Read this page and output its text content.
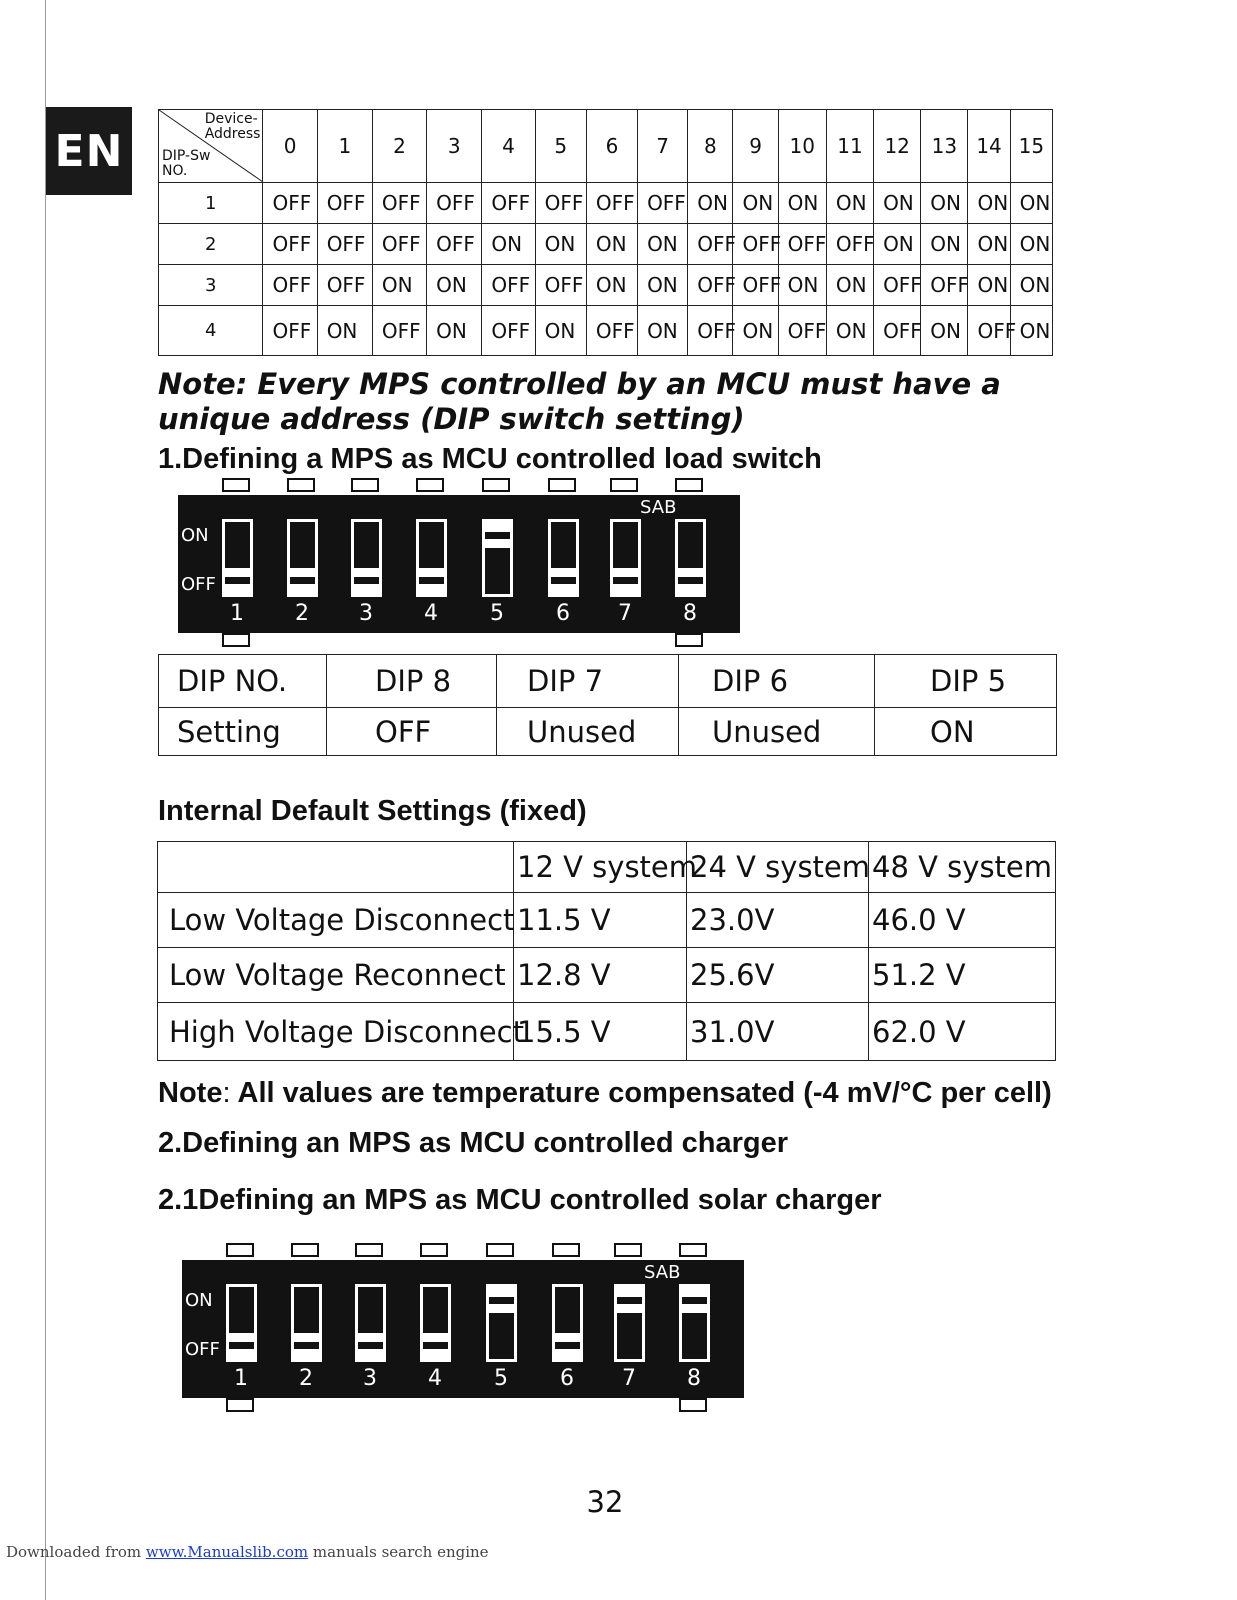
EN
Device-
Address
DIP-Sw
NO.	0	1	2	3	4	5	6	7	8	9	10	11	12	13	14	15
1	OFF	OFF	OFF	OFF	OFF	OFF	OFF	OFF	ON	ON	ON	ON	ON	ON	ON	ON
2	OFF	OFF	OFF	OFF	ON	ON	ON	ON	OFF	OFF	OFF	OFF	ON	ON	ON	ON
3	OFF	OFF	ON	ON	OFF	OFF	ON	ON	OFF	OFF	ON	ON	OFF	OFF	ON	ON
4	OFF	ON	OFF	ON	OFF	ON	OFF	ON	OFF	ON	OFF	ON	OFF	ON	OFF	ON
Note: Every MPS controlled by an MCU must have a unique address (DIP switch setting)
1.Defining a MPS as MCU controlled load switch
ON
OFF
SAB
1	2	3	4	5	6	7	8
DIP NO.	DIP 8	DIP 7	DIP 6	DIP 5
Setting	OFF	Unused	Unused	ON
Internal Default Settings (fixed)
	12 V system	24 V system	48 V system
Low Voltage Disconnect	11.5 V	23.0V	46.0 V
Low Voltage Reconnect	12.8 V	25.6V	51.2 V
High Voltage Disconnect	15.5 V	31.0V	62.0 V
Note: All values are temperature compensated (-4 mV/°C per cell)
2.Defining an MPS as MCU controlled charger
2.1Defining an MPS as MCU controlled solar charger
ON
OFF
SAB
1	2	3	4	5	6	7	8
32
Downloaded from www.Manualslib.com manuals search engine
